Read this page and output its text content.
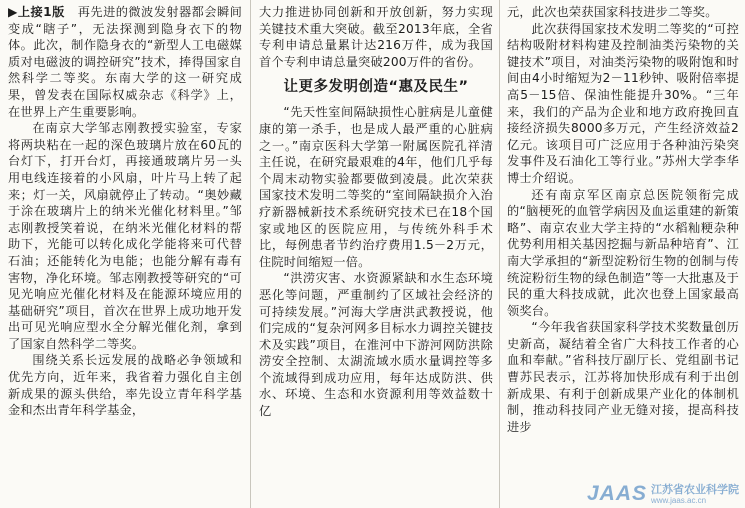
▶上接1版 再先进的微波发射器都会瞬间变成“瞎子”，无法探测到隐身衣下的物体。此次，制作隐身衣的“新型人工电磁媒质对电磁波的调控研究”技术，捧得国家自然科学二等奖。东南大学的这一研究成果，曾发表在国际权威杂志《科学》上，在世界上产生重要影响。

在南京大学邹志刚教授实验室，专家将两块粘在一起的深色玻璃片放在60瓦的台灯下，打开台灯，再接通玻璃片另一头用电线连接着的小风扇，叶片马上转了起来；灯一关，风扇就停止了转动。“奥妙藏于涂在玻璃片上的纳米光催化材料里。”邹志刚教授笑着说，在纳米光催化材料的帮助下，光能可以转化成化学能将来可代替石油；还能转化为电能；也能分解有毒有害物，净化环境。邹志刚教授等研究的“可见光响应光催化材料及在能源环境应用的基础研究”项目，首次在世界上成功地开发出可见光响应型水全分解光催化剂，拿到了国家自然科学二等奖。

围绕关系长远发展的战略必争领域和优先方向，近年来，我省着力强化自主创新成果的源头供给，率先设立青年科学基金和杰出青年科学基金，

大力推进协同创新和开放创新，努力实现关键技术重大突破。截至2013年底，全省专利申请总量累计达216万件，成为我国首个专利申请总量突破200万件的省份。

让更多发明创造“惠及民生”

“先天性室间隔缺损性心脏病是儿童健康的第一杀手，也是成人最严重的心脏病之一。”南京医科大学第一附属医院孔祥清主任说，在研究最艰难的4年，他们几乎每个周末动物实验都要做到凌晨。此次荣获国家技术发明二等奖的“室间隔缺损介入治疗新器械新技术系统研究技术已在18个国家或地区的医院应用，与传统外科手术比，每例患者节约治疗费用1.5－2万元，住院时间缩短一倍。

“洪涝灾害、水资源紧缺和水生态环境恶化等问题，严重制约了区域社会经济的可持续发展。”河海大学唐洪武教授说，他们完成的“复杂河网多目标水力调控关键技术及实践”项目，在淮河中下游河网防洪除涝安全控制、太湖流域水质水量调控等多个流域得到成功应用，每年达成防洪、供水、环境、生态和水资源利用等效益数十亿

元，此次也荣获国家科技进步二等奖。

此次获得国家技术发明二等奖的“可控结构吸附材料构建及控制油类污染物的关键技术”项目，对油类污染物的吸附饱和时间由4小时缩短为2－11秒钟、吸附倍率提高5－15倍、保油性能提升30%。“三年来，我们的产品为企业和地方政府挽回直接经济损失8000多万元，产生经济效益2亿元。该项目可广泛应用于各种油污染突发事件及石油化工等行业。”苏州大学李华博士介绍说。

还有南京军区南京总医院领衔完成的“脑梗死的血管学病因及血运重建的新策略”、南京农业大学主持的“水稻籼粳杂种优势利用相关基因挖掘与新品种培育”、江南大学承担的“新型淀粉衍生物的创制与传统淀粉衍生物的绿色制造”等一大批惠及于民的重大科技成就，此次也登上国家最高领奖台。

“今年我省获国家科学技术奖数量创历史新高，凝结着全省广大科技工作者的心血和奉献。”省科技厅副厅长、党组副书记曹苏民表示，江苏将加快形成有利于出创新成果、有利于创新成果产业化的体制机制，推动科技同产业无缝对接，提高科技进步

JAAS 江苏省农业科学院
www.jaas.ac.cn
